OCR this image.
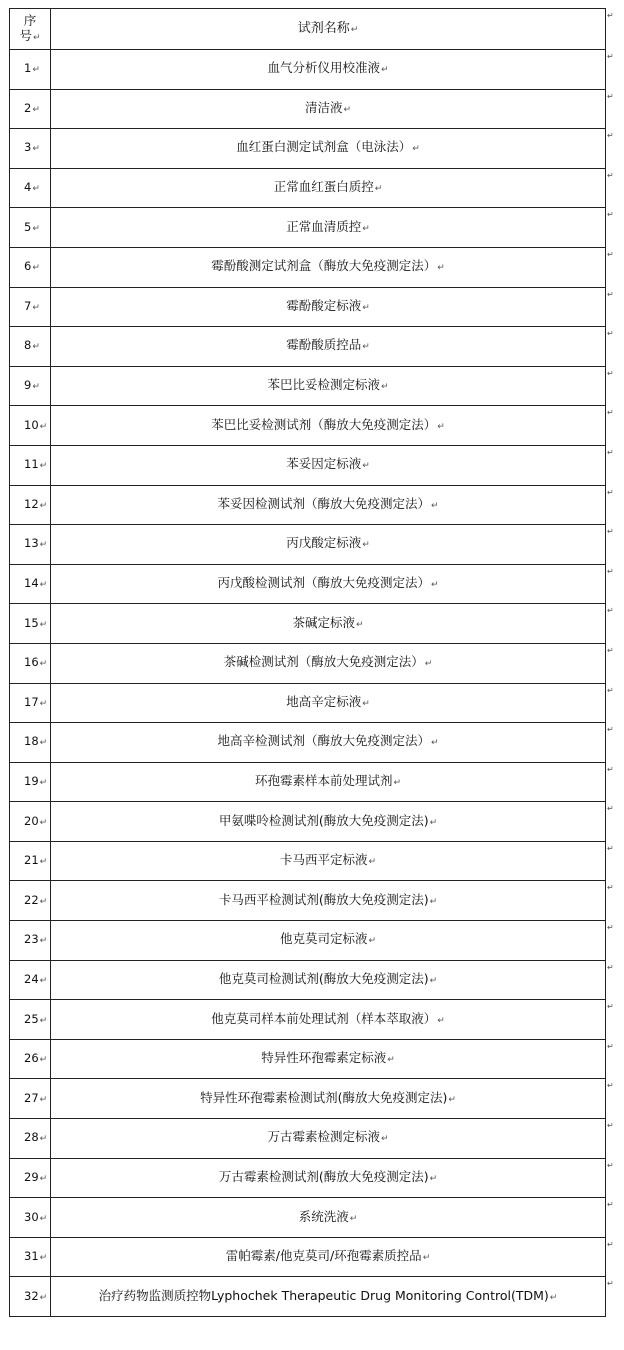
序
号↵	试剂名称↵
1↵	血气分析仪用校准液↵
2↵	清洁液↵
3↵	血红蛋白测定试剂盒（电泳法）↵
4↵	正常血红蛋白质控↵
5↵	正常血清质控↵
6↵	霉酚酸测定试剂盒（酶放大免疫测定法）↵
7↵	霉酚酸定标液↵
8↵	霉酚酸质控品↵
9↵	苯巴比妥检测定标液↵
10↵	苯巴比妥检测试剂（酶放大免疫测定法）↵
11↵	苯妥因定标液↵
12↵	苯妥因检测试剂（酶放大免疫测定法）↵
13↵	丙戊酸定标液↵
14↵	丙戊酸检测试剂（酶放大免疫测定法）↵
15↵	茶碱定标液↵
16↵	茶碱检测试剂（酶放大免疫测定法）↵
17↵	地高辛定标液↵
18↵	地高辛检测试剂（酶放大免疫测定法）↵
19↵	环孢霉素样本前处理试剂↵
20↵	甲氨喋呤检测试剂(酶放大免疫测定法)↵
21↵	卡马西平定标液↵
22↵	卡马西平检测试剂(酶放大免疫测定法)↵
23↵	他克莫司定标液↵
24↵	他克莫司检测试剂(酶放大免疫测定法)↵
25↵	他克莫司样本前处理试剂（样本萃取液）↵
26↵	特异性环孢霉素定标液↵
27↵	特异性环孢霉素检测试剂(酶放大免疫测定法)↵
28↵	万古霉素检测定标液↵
29↵	万古霉素检测试剂(酶放大免疫测定法)↵
30↵	系统洗液↵
31↵	雷帕霉素/他克莫司/环孢霉素质控品↵
32↵	治疗药物监测质控物Lyphochek Therapeutic Drug Monitoring Control(TDM)↵
↵
↵
↵
↵
↵
↵
↵
↵
↵
↵
↵
↵
↵
↵
↵
↵
↵
↵
↵
↵
↵
↵
↵
↵
↵
↵
↵
↵
↵
↵
↵
↵
↵
